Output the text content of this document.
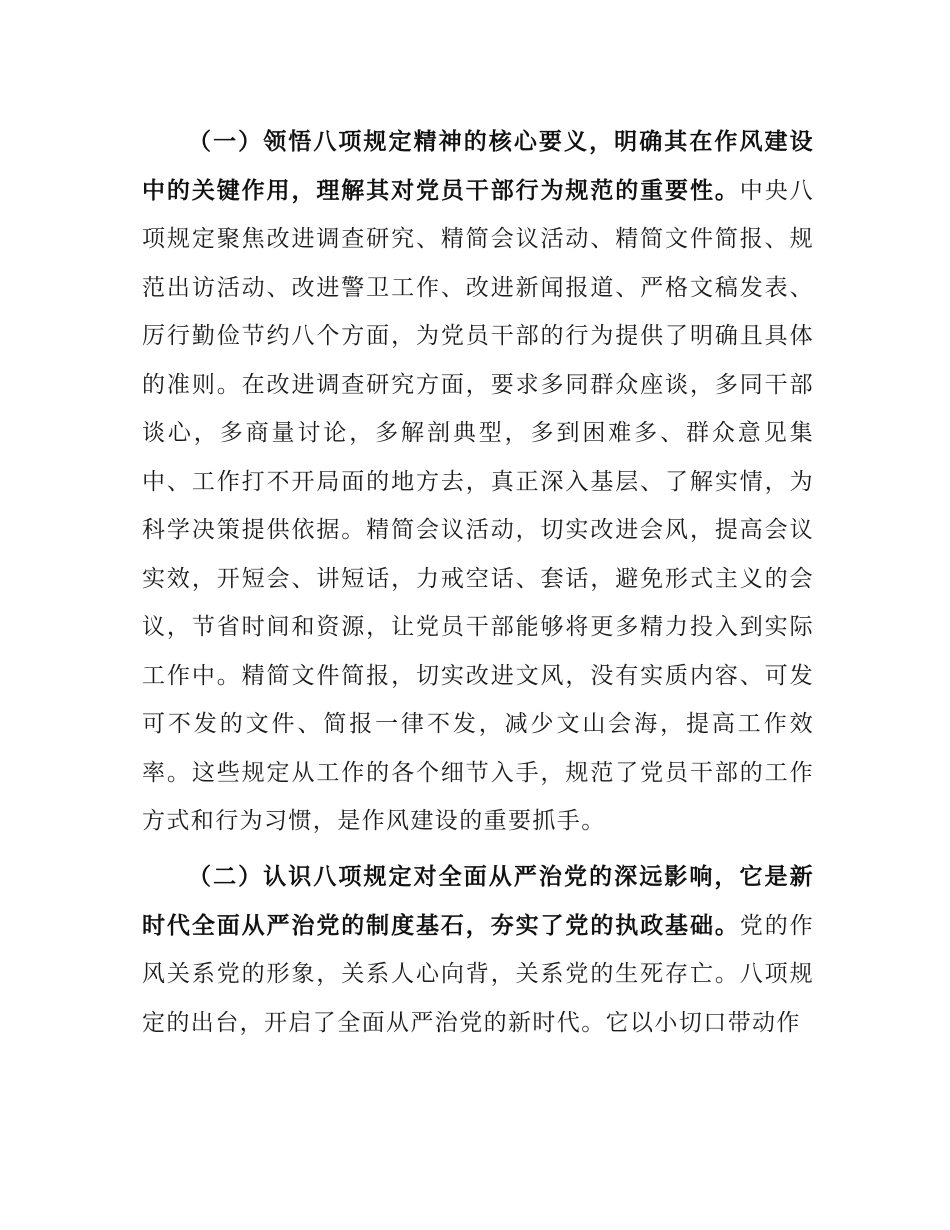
（一）领悟八项规定精神的核心要义，明确其在作风建设中的关键作用，理解其对党员干部行为规范的重要性。中央八项规定聚焦改进调查研究、精简会议活动、精简文件简报、规范出访活动、改进警卫工作、改进新闻报道、严格文稿发表、厉行勤俭节约八个方面，为党员干部的行为提供了明确且具体的准则。在改进调查研究方面，要求多同群众座谈，多同干部谈心，多商量讨论，多解剖典型，多到困难多、群众意见集中、工作打不开局面的地方去，真正深入基层、了解实情，为科学决策提供依据。精简会议活动，切实改进会风，提高会议实效，开短会、讲短话，力戒空话、套话，避免形式主义的会议，节省时间和资源，让党员干部能够将更多精力投入到实际工作中。精简文件简报，切实改进文风，没有实质内容、可发可不发的文件、简报一律不发，减少文山会海，提高工作效率。这些规定从工作的各个细节入手，规范了党员干部的工作方式和行为习惯，是作风建设的重要抓手。

（二）认识八项规定对全面从严治党的深远影响，它是新时代全面从严治党的制度基石，夯实了党的执政基础。党的作风关系党的形象，关系人心向背，关系党的生死存亡。八项规定的出台，开启了全面从严治党的新时代。它以小切口带动作
